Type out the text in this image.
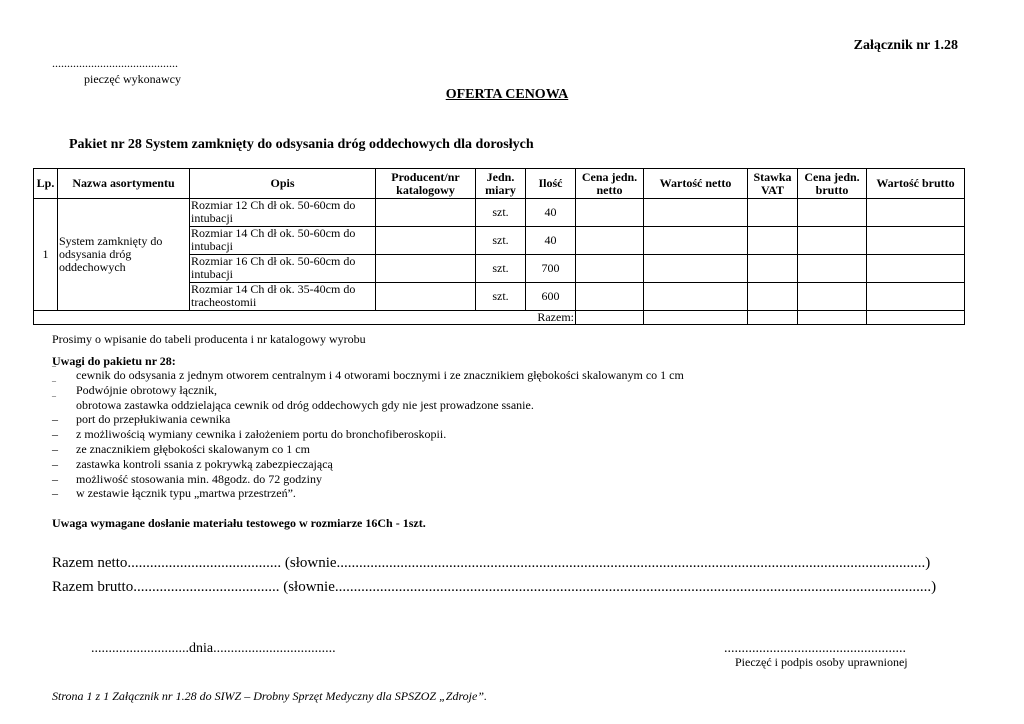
Załącznik nr 1.28
..........................................
pieczęć wykonawcy
OFERTA CENOWA
Pakiet nr 28 System zamknięty do odsysania dróg oddechowych dla dorosłych
Lp.	Nazwa asortymentu	Opis	Producent/nr katalogowy	Jedn. miary	Ilość	Cena jedn. netto	Wartość netto	Stawka VAT	Cena jedn. brutto	Wartość brutto
1	System zamknięty do odsysania dróg oddechowych	Rozmiar 12 Ch dł ok. 50-60cm do intubacji		szt.	40					
		Rozmiar 14 Ch dł ok. 50-60cm do intubacji		szt.	40					
		Rozmiar 16 Ch dł ok. 50-60cm do intubacji		szt.	700					
		Rozmiar 14 Ch dł ok. 35-40cm do tracheostomii		szt.	600					
Razem:										
Prosimy o wpisanie do tabeli producenta i nr katalogowy wyrobu
Uwagi do pakietu nr 28:
¯	cewnik do odsysania z jednym otworem centralnym i 4 otworami bocznymi i ze znacznikiem głębokości skalowanym co 1 cm
¯	Podwójnie obrotowy łącznik,
¯	obrotowa zastawka oddzielająca cewnik od dróg oddechowych gdy nie jest prowadzone ssanie.
–	port do przepłukiwania cewnika
–	z możliwością wymiany cewnika i założeniem portu do bronchofiberoskopii.
–	ze znacznikiem głębokości skalowanym co 1 cm
–	zastawka kontroli ssania z pokrywką zabezpieczającą
–	możliwość stosowania min. 48godz. do 72 godziny
–	w zestawie łącznik typu „martwa przestrzeń”.
Uwaga wymagane dosłanie materiału testowego w rozmiarze 16Ch - 1szt.
Razem netto......................................... (słownie.............................................................................................................................................................)
Razem brutto....................................... (słownie...............................................................................................................................................................)
............................dnia...................................	....................................................
Pieczęć i podpis osoby uprawnionej
Strona 1 z 1 Załącznik nr 1.28 do SIWZ – Drobny Sprzęt Medyczny dla SPSZOZ „Zdroje”.
